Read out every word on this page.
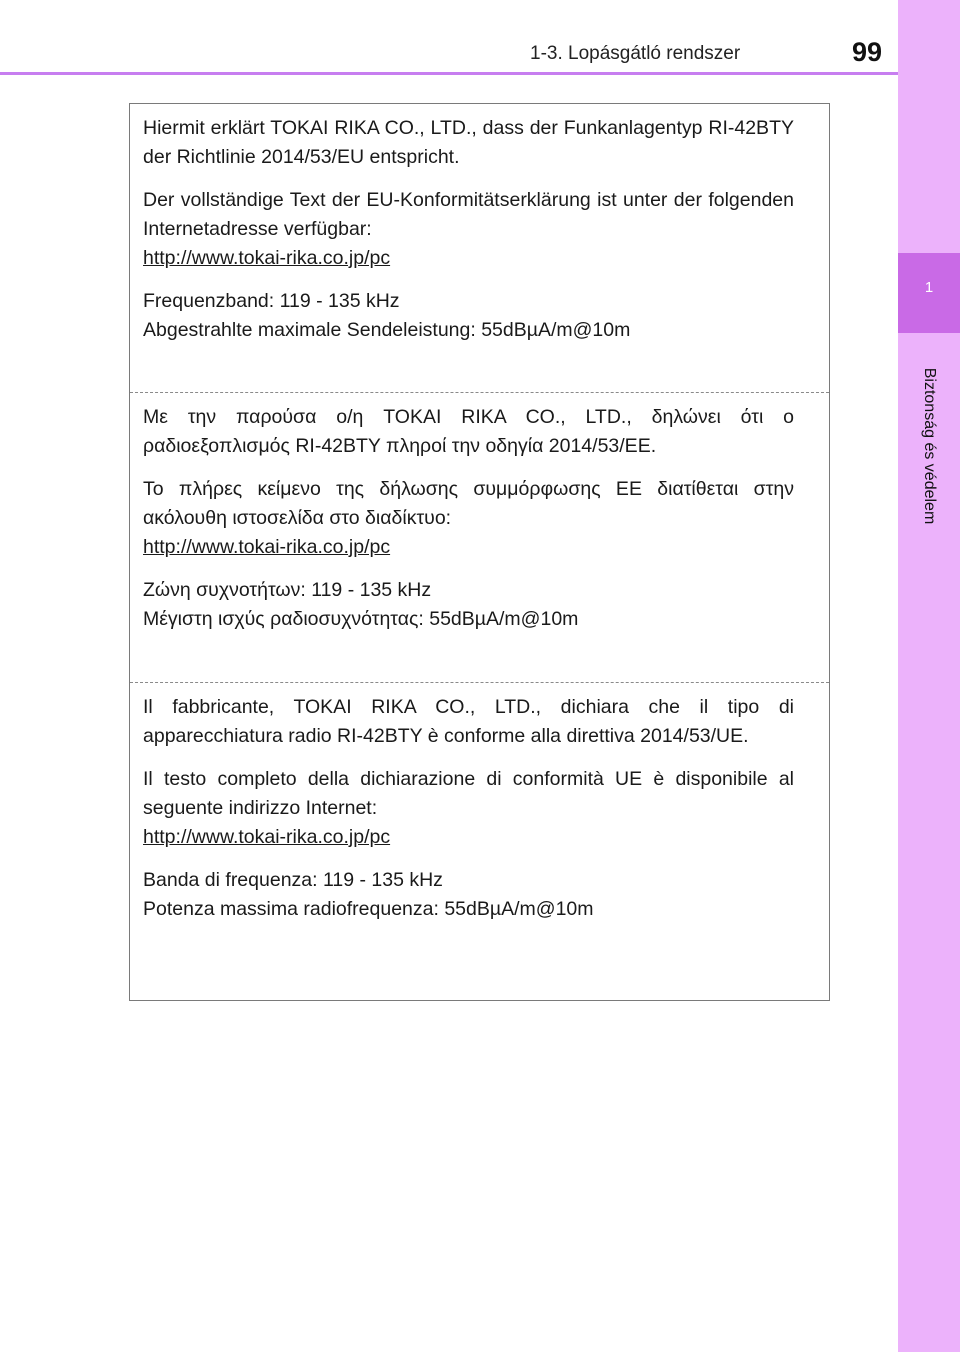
1-3. Lopásgátló rendszer	99
1
Biztonság és védelem

Hiermit erklärt TOKAI RIKA CO., LTD., dass der Funkanlagentyp RI-42BTY der Richtlinie 2014/53/EU entspricht.

Der vollständige Text der EU-Konformitätserklärung ist unter der folgenden Internetadresse verfügbar:
http://www.tokai-rika.co.jp/pc
Frequenzband: 119 - 135 kHz
Abgestrahlte maximale Sendeleistung: 55dBµA/m@10m

Με την παρούσα ο/η TOKAI RIKA CO., LTD., δηλώνει ότι ο ραδιοεξοπλισμός RI-42BTY πληροί την οδηγία 2014/53/ΕΕ.

Το πλήρες κείμενο της δήλωσης συμμόρφωσης ΕΕ διατίθεται στην ακόλουθη ιστοσελίδα στο διαδίκτυο:
http://www.tokai-rika.co.jp/pc
Ζώνη συχνοτήτων: 119 - 135 kHz
Μέγιστη ισχύς ραδιοσυχνότητας: 55dBµA/m@10m

Il fabbricante, TOKAI RIKA CO., LTD., dichiara che il tipo di apparecchiatura radio RI-42BTY è conforme alla direttiva 2014/53/UE.

Il testo completo della dichiarazione di conformità UE è disponibile al seguente indirizzo Internet:
http://www.tokai-rika.co.jp/pc
Banda di frequenza: 119 - 135 kHz
Potenza massima radiofrequenza: 55dBµA/m@10m
